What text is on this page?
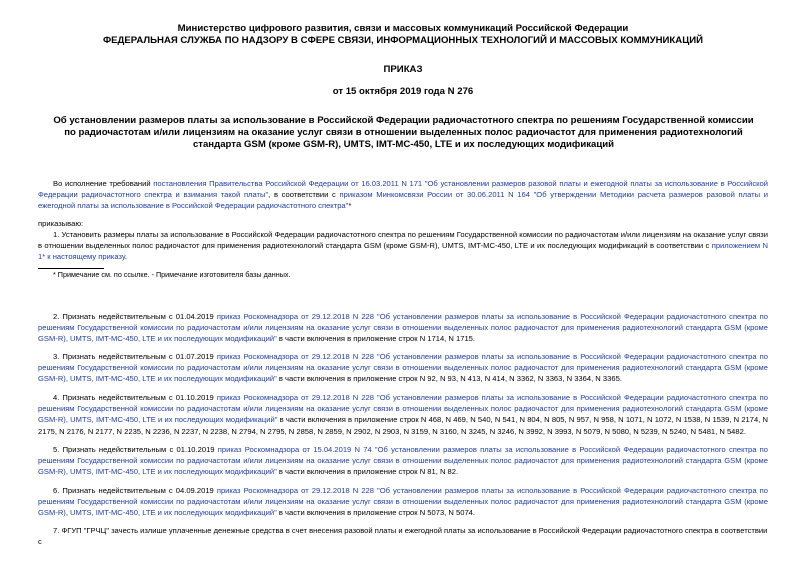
Министерство цифрового развития, связи и массовых коммуникаций Российской Федерации
ФЕДЕРАЛЬНАЯ СЛУЖБА ПО НАДЗОРУ В СФЕРЕ СВЯЗИ, ИНФОРМАЦИОННЫХ ТЕХНОЛОГИЙ И МАССОВЫХ КОММУНИКАЦИЙ
ПРИКАЗ
от 15 октября 2019 года N 276
Об установлении размеров платы за использование в Российской Федерации радиочастотного спектра по решениям Государственной комиссии по радиочастотам и/или лицензиям на оказание услуг связи в отношении выделенных полос радиочастот для применения радиотехнологий стандарта GSM (кроме GSM-R), UMTS, IMT-MC-450, LTE и их последующих модификаций
Во исполнение требований постановления Правительства Российской Федерации от 16.03.2011 N 171 "Об установлении размеров разовой платы и ежегодной платы за использование в Российской Федерации радиочастотного спектра и взимания такой платы", в соответствии с приказом Минкомсвязи России от 30.06.2011 N 164 "Об утверждении Методики расчета размеров разовой платы и ежегодной платы за использование в Российской Федерации радиочастотного спектра"*
приказываю:
1. Установить размеры платы за использование в Российской Федерации радиочастотного спектра по решениям Государственной комиссии по радиочастотам и/или лицензиям на оказание услуг связи в отношении выделенных полос радиочастот для применения радиотехнологий стандарта GSM (кроме GSM-R), UMTS, IMT-MC-450, LTE и их последующих модификаций в соответствии с приложением N 1* к настоящему приказу.
* Примечание см. по ссылке. - Примечание изготовителя базы данных.
2. Признать недействительным с 01.04.2019 приказ Роскомнадзора от 29.12.2018 N 228 "Об установлении размеров платы за использование в Российской Федерации радиочастотного спектра по решениям Государственной комиссии по радиочастотам и/или лицензиям на оказание услуг связи в отношении выделенных полос радиочастот для применения радиотехнологий стандарта GSM (кроме GSM-R), UMTS, IMT-MC-450, LTE и их последующих модификаций" в части включения в приложение строк N 1714, N 1715.
3. Признать недействительным с 01.07.2019 приказ Роскомнадзора от 29.12.2018 N 228 "Об установлении размеров платы за использование в Российской Федерации радиочастотного спектра по решениям Государственной комиссии по радиочастотам и/или лицензиям на оказание услуг связи в отношении выделенных полос радиочастот для применения радиотехнологий стандарта GSM (кроме GSM-R), UMTS, IMT-MC-450, LTE и их последующих модификаций" в части включения в приложение строк N 92, N 93, N 413, N 414, N 3362, N 3363, N 3364, N 3365.
4. Признать недействительным с 01.10.2019 приказ Роскомнадзора от 29.12.2018 N 228 "Об установлении размеров платы за использование в Российской Федерации радиочастотного спектра по решениям Государственной комиссии по радиочастотам и/или лицензиям на оказание услуг связи в отношении выделенных полос радиочастот для применения радиотехнологий стандарта GSM (кроме GSM-R), UMTS, IMT-MC-450, LTE и их последующих модификаций" в части включения в приложение строк N 468, N 469, N 540, N 541, N 804, N 805, N 957, N 958, N 1071, N 1072, N 1538, N 1539, N 2174, N 2175, N 2176, N 2177, N 2235, N 2236, N 2237, N 2238, N 2794, N 2795, N 2858, N 2859, N 2902, N 2903, N 3159, N 3160, N 3245, N 3246, N 3992, N 3993, N 5079, N 5080, N 5239, N 5240, N 5481, N 5482.
5. Признать недействительным с 01.10.2019 приказ Роскомнадзора от 15.04.2019 N 74 "Об установлении размеров платы за использование в Российской Федерации радиочастотного спектра по решениям Государственной комиссии по радиочастотам и/или лицензиям на оказание услуг связи в отношении выделенных полос радиочастот для применения радиотехнологий стандарта GSM (кроме GSM-R), UMTS, IMT-MC-450, LTE и их последующих модификаций" в части включения в приложение строк N 81, N 82.
6. Признать недействительным с 04.09.2019 приказ Роскомнадзора от 29.12.2018 N 228 "Об установлении размеров платы за использование в Российской Федерации радиочастотного спектра по решениям Государственной комиссии по радиочастотам и/или лицензиям на оказание услуг связи в отношении выделенных полос радиочастот для применения радиотехнологий стандарта GSM (кроме GSM-R), UMTS, IMT-MC-450, LTE и их последующих модификаций" в части включения в приложение строк N 5073, N 5074.
7. ФГУП "ГРЧЦ" зачесть излише уплаченные денежные средства в счет внесения разовой платы и ежегодной платы за использование в Российской Федерации радиочастотного спектра в соответствии с
